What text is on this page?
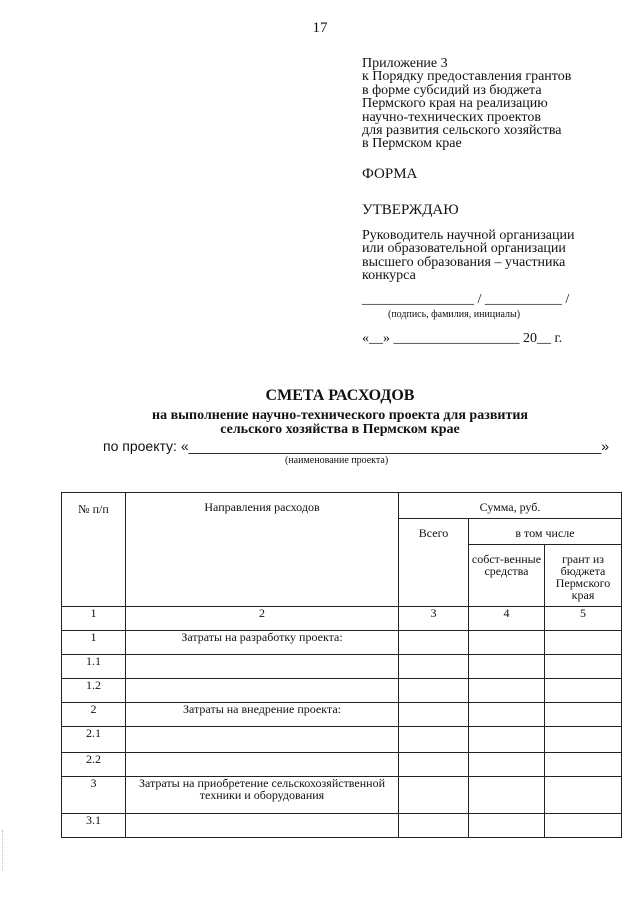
17
Приложение 3
к Порядку предоставления грантов
в форме субсидий из бюджета
Пермского края на реализацию
научно-технических проектов
для развития сельского хозяйства
в Пермском крае
ФОРМА
УТВЕРЖДАЮ
Руководитель научной организации
или образовательной организации
высшего образования – участника
конкурса
________________ / ___________ /
(подпись, фамилия, инициалы)
«__» __________________ 20__ г.
СМЕТА РАСХОДОВ
на выполнение научно-технического проекта для развития
сельского хозяйства в Пермском крае
по проекту: «_____________________________________________________»
(наименование проекта)
№ п/п	Направления расходов	Сумма, руб.		
		Всего	в том числе	
			собст-венные средства	грант из бюджета Пермского края
1	2	3	4	5
1	Затраты на разработку проекта:			
1.1				
1.2				
2	Затраты на внедрение проекта:			
2.1				
2.2				
3	Затраты на приобретение сельскохозяйственной техники и оборудования			
3.1				
